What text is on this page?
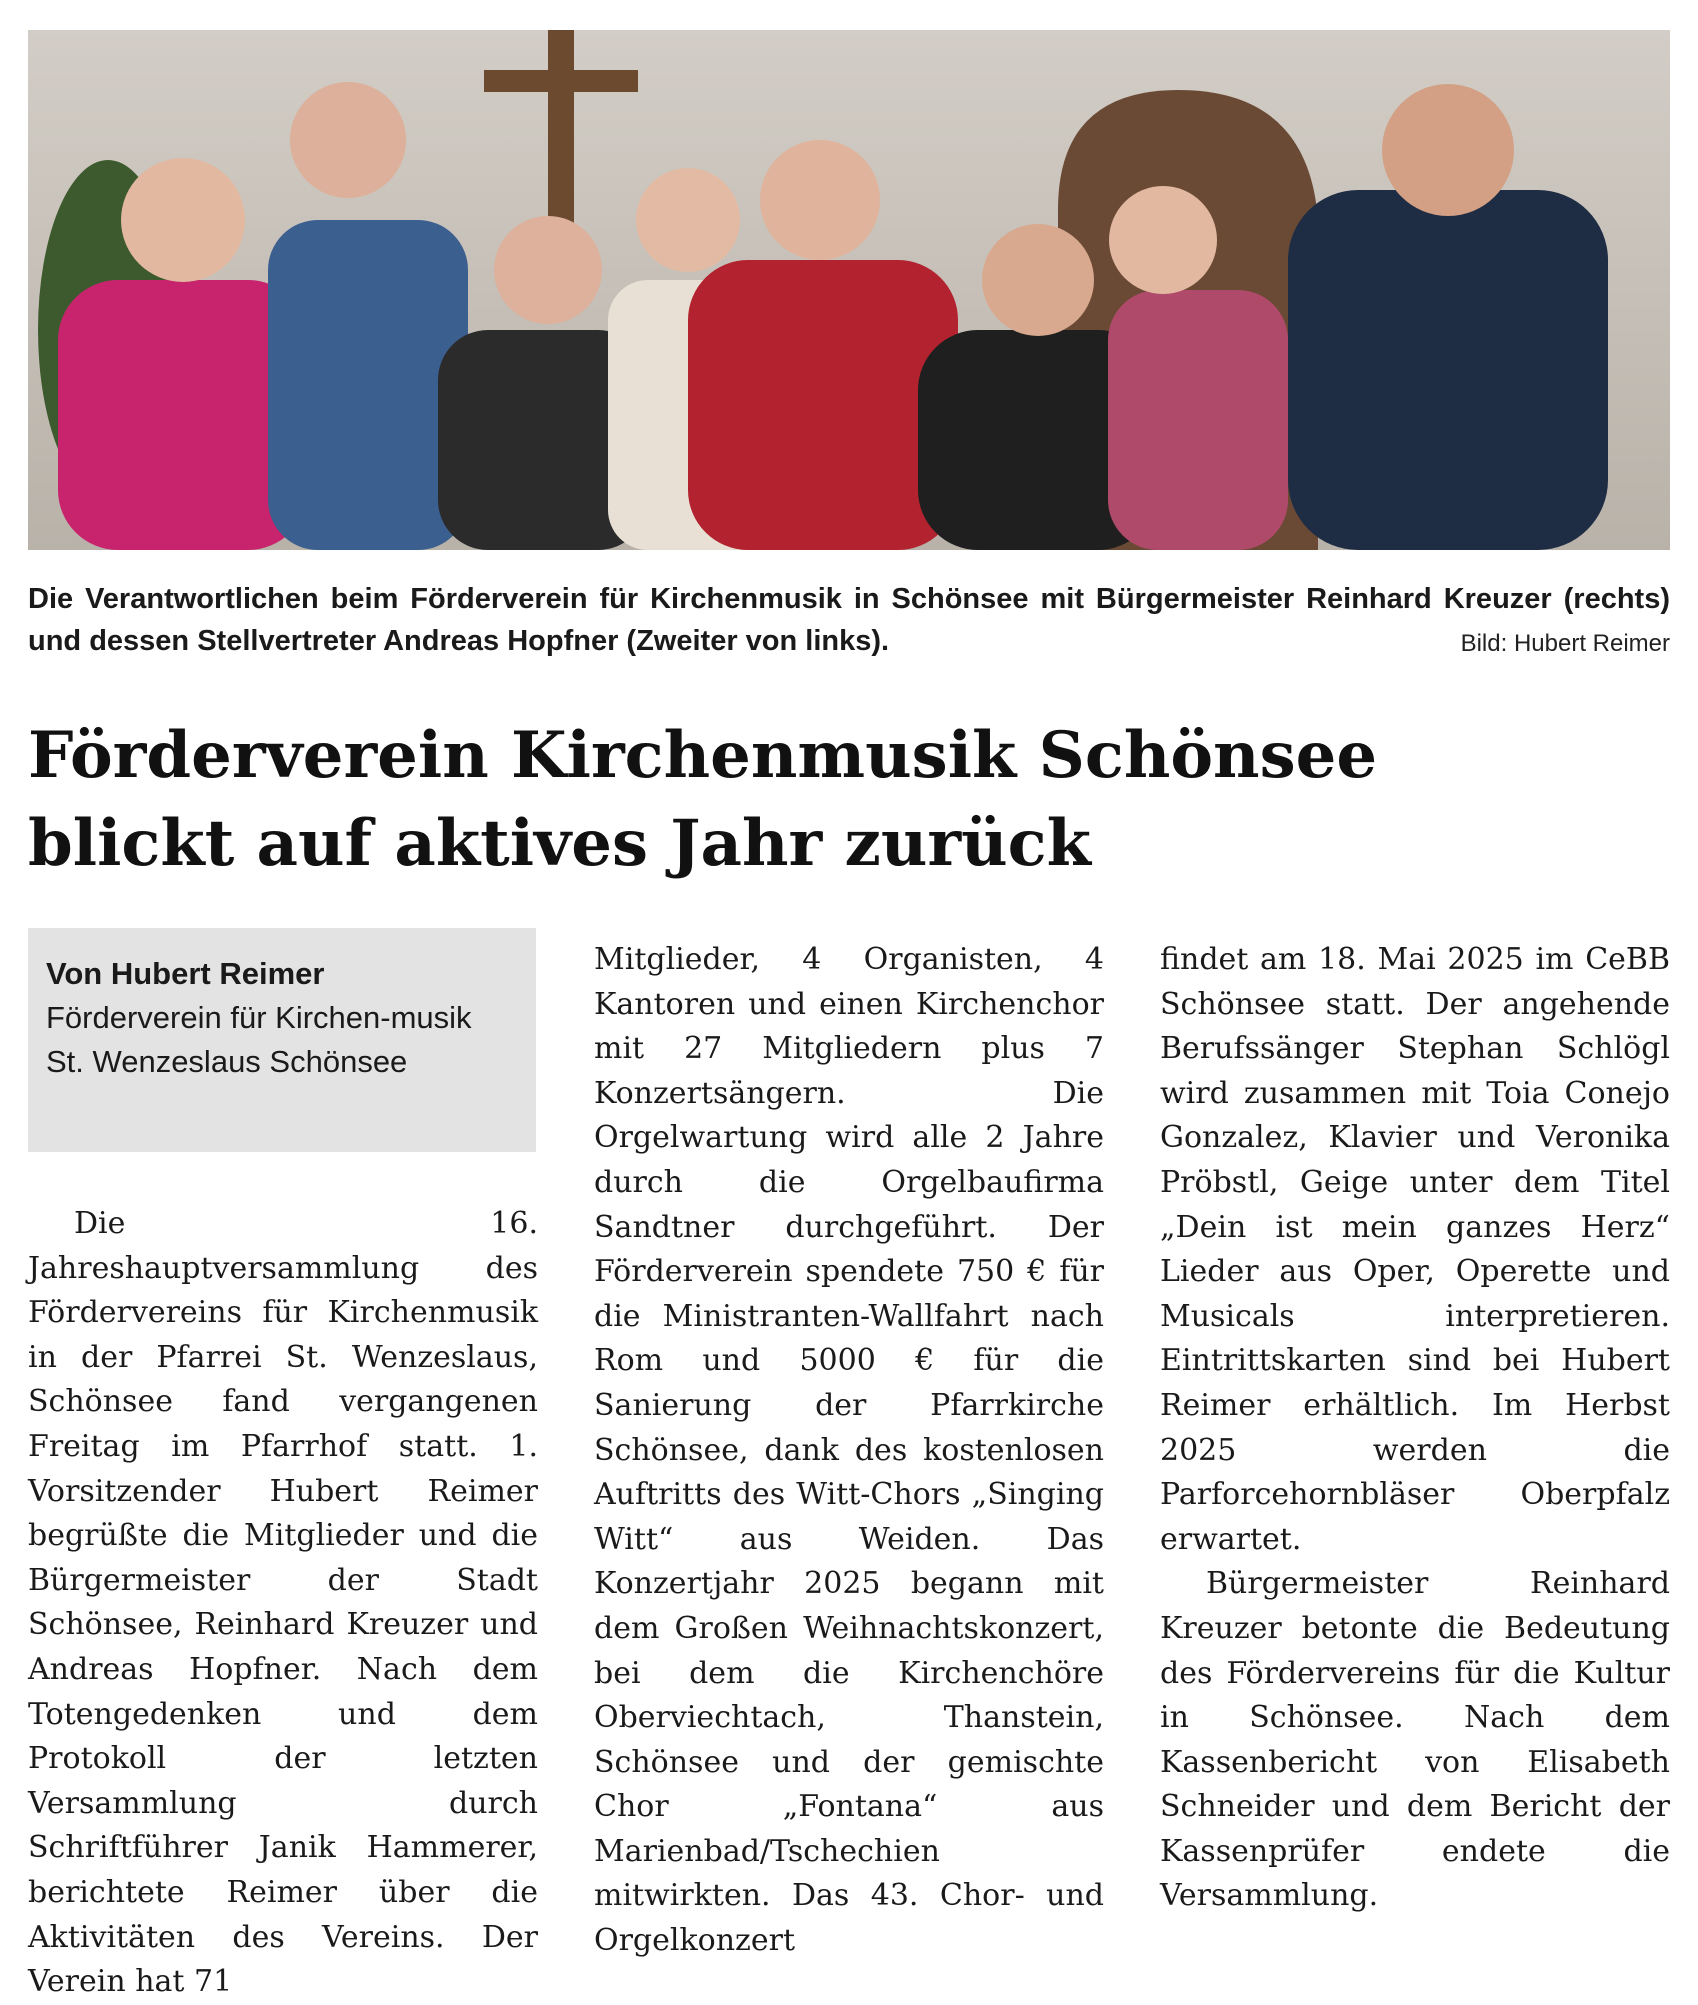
Die Verantwortlichen beim Förderverein für Kirchenmusik in Schönsee mit Bürgermeister Reinhard Kreuzer (rechts) und dessen Stellvertreter Andreas Hopfner (Zweiter von links).	Bild: Hubert Reimer
Förderverein Kirchenmusik Schönsee
blickt auf aktives Jahr zurück
Von Hubert Reimer
Förderverein für Kirchen-musik St. Wenzeslaus Schönsee

Die 16. Jahreshauptversammlung des Fördervereins für Kirchenmusik in der Pfarrei St. Wenzeslaus, Schönsee fand vergangenen Freitag im Pfarrhof statt. 1. Vorsitzender Hubert Reimer begrüßte die Mitglieder und die Bürgermeister der Stadt Schönsee, Reinhard Kreuzer und Andreas Hopfner. Nach dem Totengedenken und dem Protokoll der letzten Versammlung durch Schriftführer Janik Hammerer, berichtete Reimer über die Aktivitäten des Vereins. Der Verein hat 71

Mitglieder, 4 Organisten, 4 Kantoren und einen Kirchenchor mit 27 Mitgliedern plus 7 Konzertsängern. Die Orgelwartung wird alle 2 Jahre durch die Orgelbaufirma Sandtner durchgeführt. Der Förderverein spendete 750 € für die Ministranten-Wallfahrt nach Rom und 5000 € für die Sanierung der Pfarrkirche Schönsee, dank des kostenlosen Auftritts des Witt-Chors „Singing Witt“ aus Weiden. Das Konzertjahr 2025 begann mit dem Großen Weihnachtskonzert, bei dem die Kirchenchöre Oberviechtach, Thanstein, Schönsee und der gemischte Chor „Fontana“ aus Marienbad/Tschechien mitwirkten. Das 43. Chor- und Orgelkonzert

findet am 18. Mai 2025 im CeBB Schönsee statt. Der angehende Berufssänger Stephan Schlögl wird zusammen mit Toia Conejo Gonzalez, Klavier und Veronika Pröbstl, Geige unter dem Titel „Dein ist mein ganzes Herz“ Lieder aus Oper, Operette und Musicals interpretieren. Eintrittskarten sind bei Hubert Reimer erhältlich. Im Herbst 2025 werden die Parforcehornbläser Oberpfalz erwartet.

Bürgermeister Reinhard Kreuzer betonte die Bedeutung des Fördervereins für die Kultur in Schönsee. Nach dem Kassenbericht von Elisabeth Schneider und dem Bericht der Kassenprüfer endete die Versammlung.
